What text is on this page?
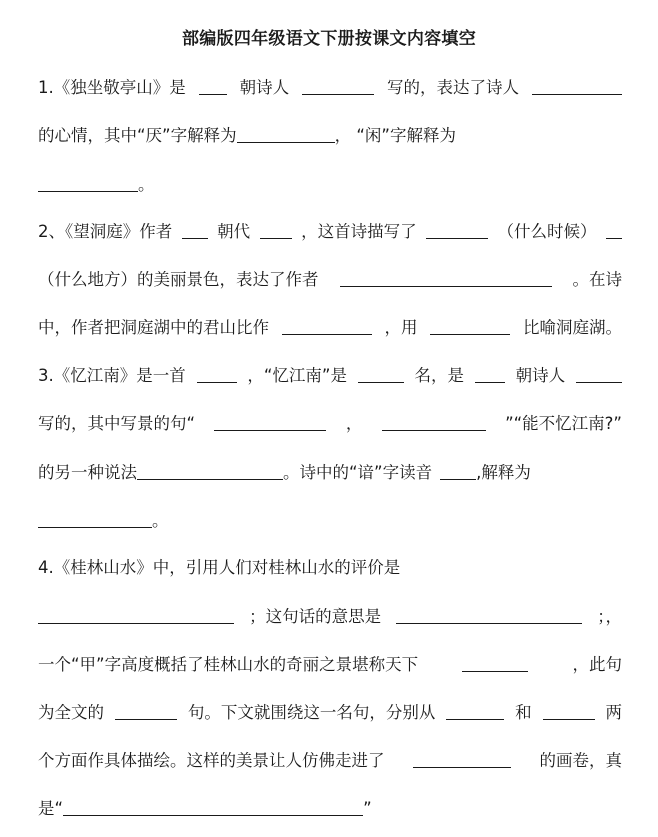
部编版四年级语文下册按课文内容填空
1.《独坐敬亭山》是	朝诗人	写的，表达了诗人
的心情，其中“厌”字解释为	， “闲”字解释为
。
2、《望洞庭》作者	朝代	，这首诗描写了	（什么时候）
（什么地方）的美丽景色，表达了作者	。在诗
中，作者把洞庭湖中的君山比作	，用	比喻洞庭湖。
3.《忆江南》是一首	，“忆江南”是	名，是	朝诗人
写的，其中写景的句“	，	”“能不忆江南?”
的另一种说法	。诗中的“谙”字读音	,解释为
。
4.《桂林山水》中，引用人们对桂林山水的评价是
；这句话的意思是	；，
一个“甲”字高度概括了桂林山水的奇丽之景堪称天下	，此句
为全文的	句。下文就围绕这一名句，分别从	和	两
个方面作具体描绘。这样的美景让人仿佛走进了	的画卷，真
是“	”
